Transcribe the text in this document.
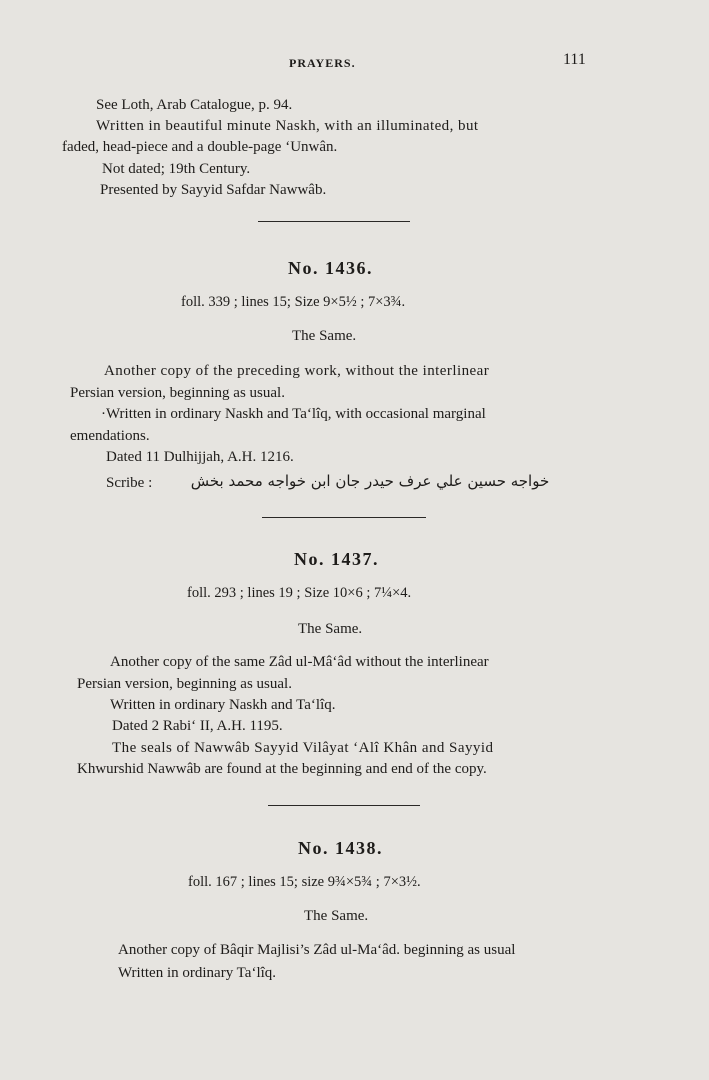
PRAYERS.	111
See Loth, Arab Catalogue, p. 94.
Written in beautiful minute Naskh, with an illuminated, but
faded, head-piece and a double-page ‘Unwân.
Not dated; 19th Century.
Presented by Sayyid Safdar Nawwâb.
No. 1436.
foll. 339 ; lines 15; Size 9×5½ ; 7×3¾.
The Same.
Another copy of the preceding work, without the interlinear
Persian version, beginning as usual.
·Written in ordinary Naskh and Ta‘lîq, with occasional marginal
emendations.
Dated 11 Dulhijjah, A.H. 1216.
Scribe :	خواجه حسين علي عرف حيدر جان ابن خواجه محمد بخش
No. 1437.
foll. 293 ; lines 19 ; Size 10×6 ; 7¼×4.
The Same.
Another copy of the same Zâd ul-Mâ‘âd without the interlinear
Persian version, beginning as usual.
Written in ordinary Naskh and Ta‘lîq.
Dated 2 Rabi‘ II, A.H. 1195.
The seals of Nawwâb Sayyid Vilâyat ‘Alî Khân and Sayyid
Khwurshid Nawwâb are found at the beginning and end of the copy.
No. 1438.
foll. 167 ; lines 15; size 9¾×5¾ ; 7×3½.
The Same.
Another copy of Bâqir Majlisi’s Zâd ul-Ma‘âd. beginning as usual
Written in ordinary Ta‘lîq.
